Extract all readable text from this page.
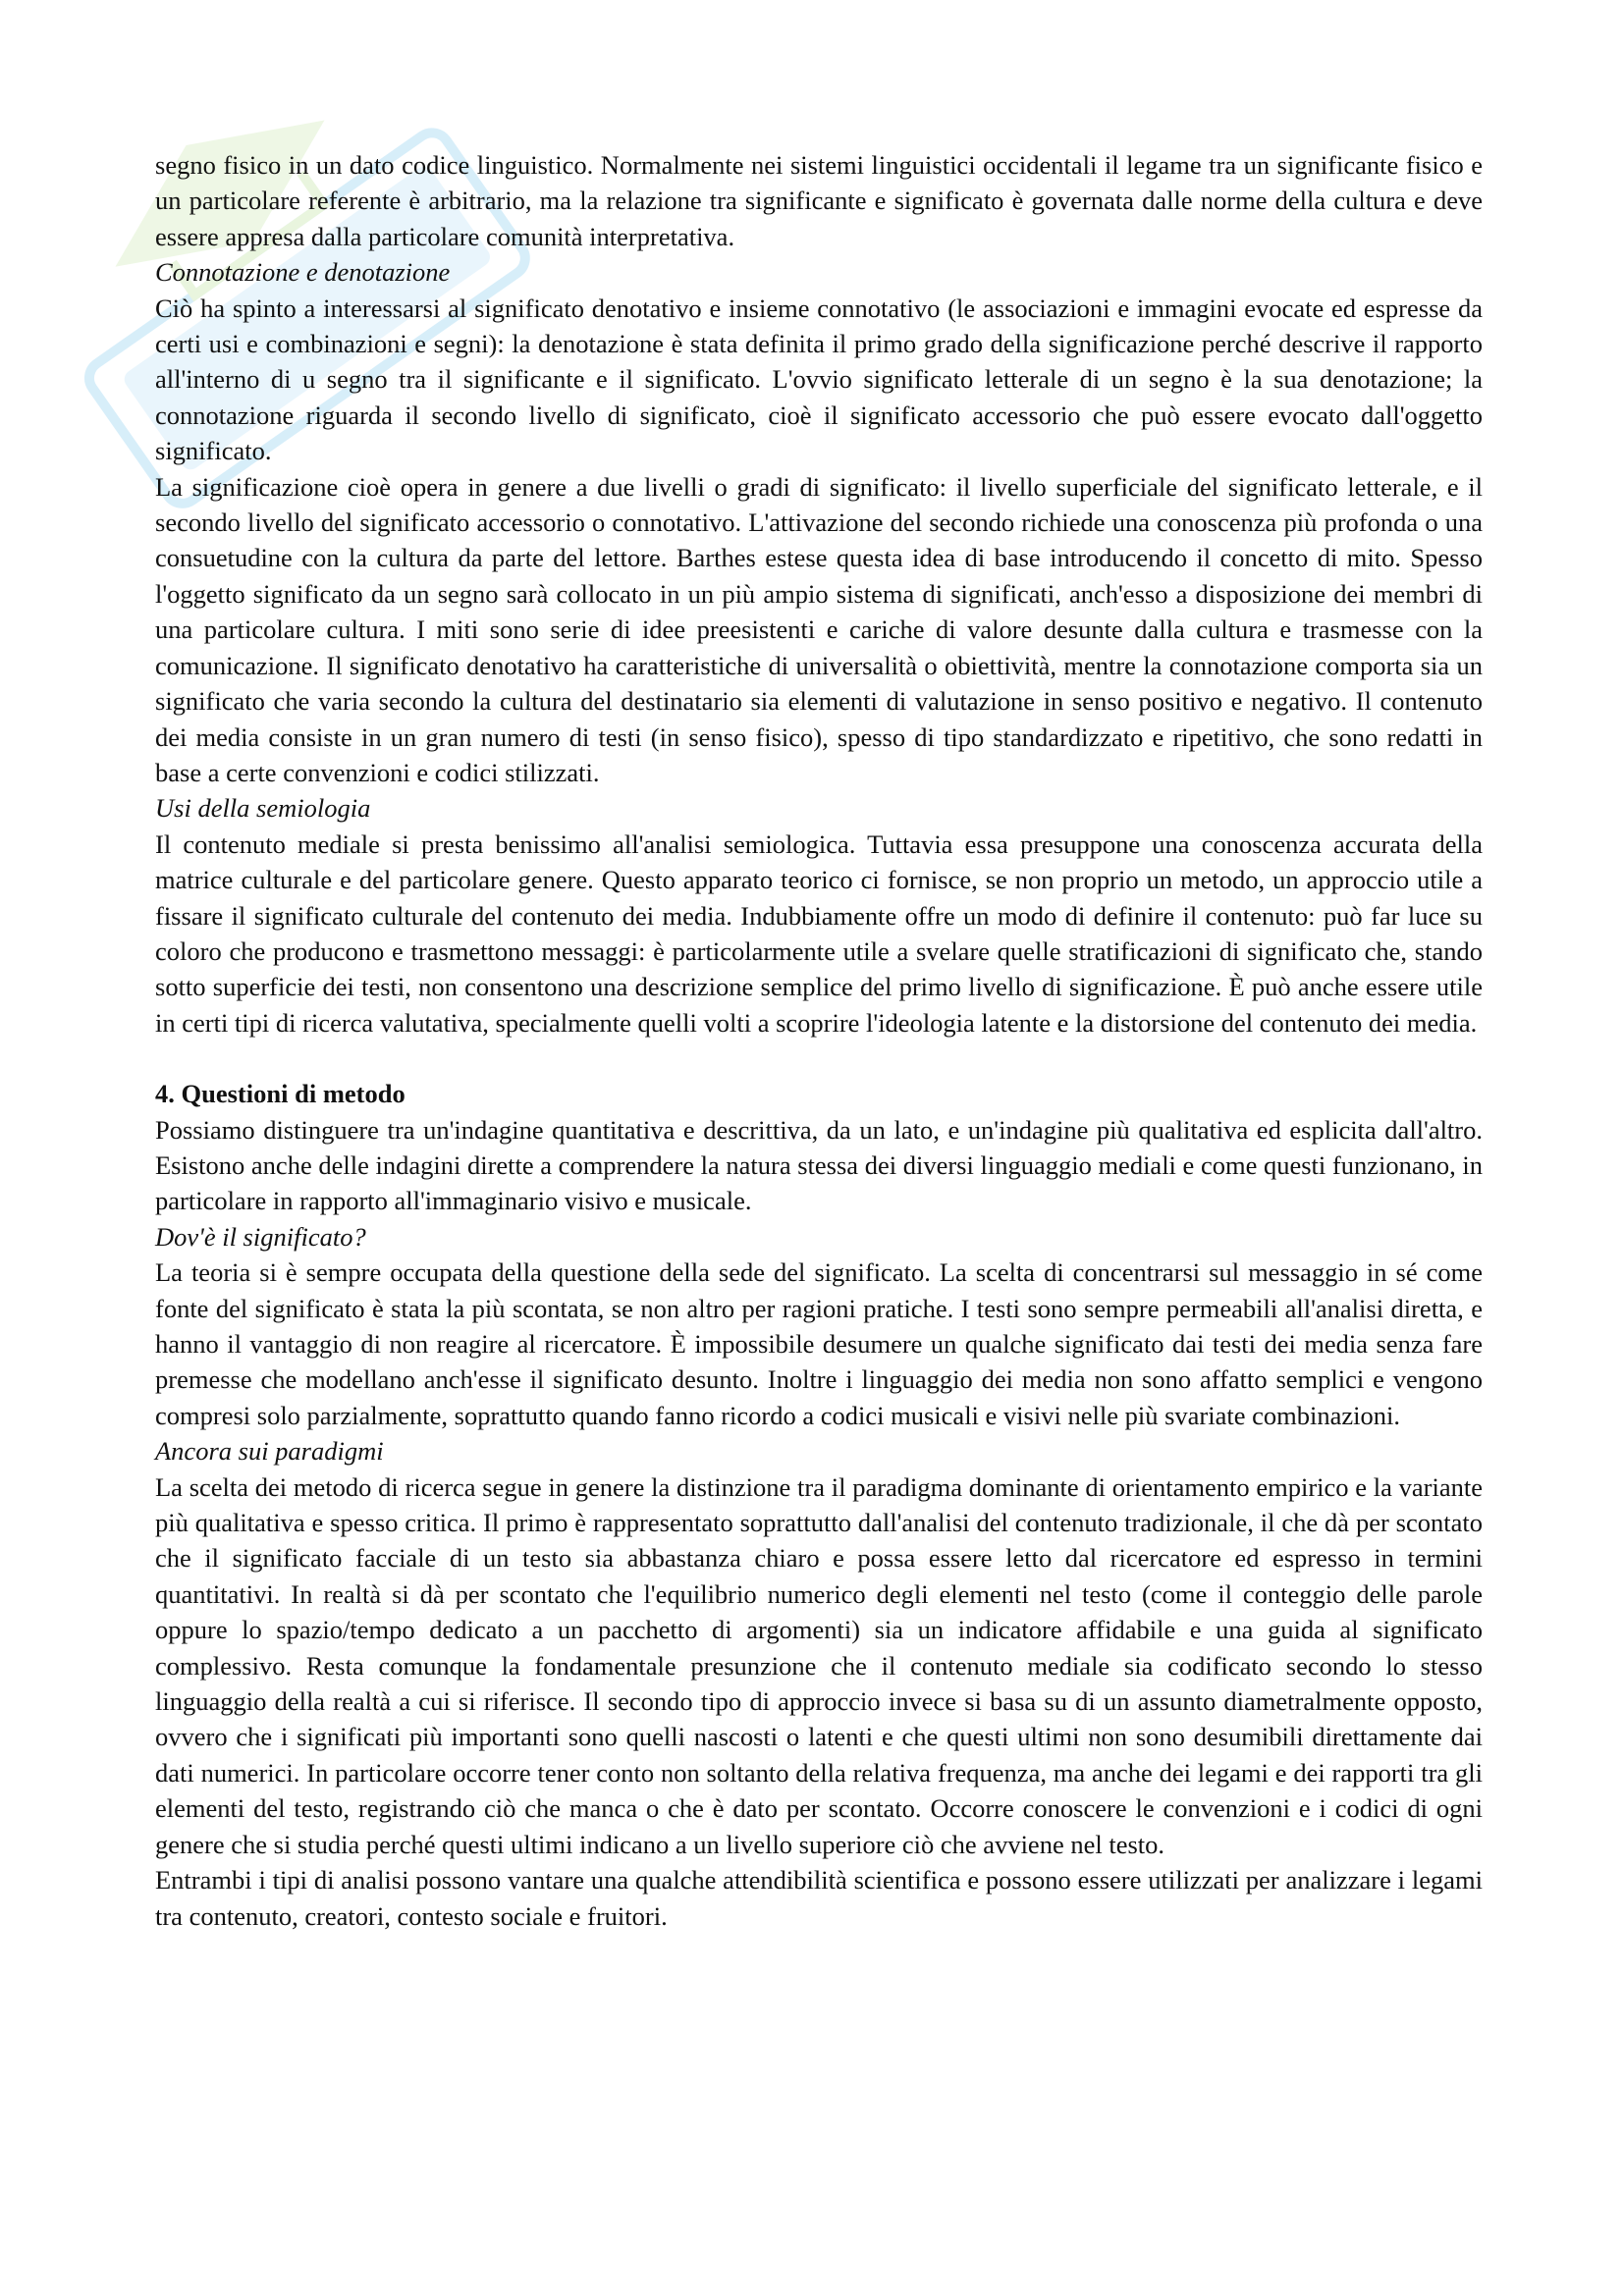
segno fisico in un dato codice linguistico. Normalmente nei sistemi linguistici occidentali il legame tra un significante fisico e un particolare referente è arbitrario, ma la relazione tra significante e significato è governata dalle norme della cultura e deve essere appresa dalla particolare comunità interpretativa.

Connotazione e denotazione

Ciò ha spinto a interessarsi al significato denotativo e insieme connotativo (le associazioni e immagini evocate ed espresse da certi usi e combinazioni e segni): la denotazione è stata definita il primo grado della significazione perché descrive il rapporto all'interno di u segno tra il significante e il significato. L'ovvio significato letterale di un segno è la sua denotazione; la connotazione riguarda il secondo livello di significato, cioè il significato accessorio che può essere evocato dall'oggetto significato.

La significazione cioè opera in genere a due livelli o gradi di significato: il livello superficiale del significato letterale, e il secondo livello del significato accessorio o connotativo. L'attivazione del secondo richiede una conoscenza più profonda o una consuetudine con la cultura da parte del lettore. Barthes estese questa idea di base introducendo il concetto di mito. Spesso l'oggetto significato da un segno sarà collocato in un più ampio sistema di significati, anch'esso a disposizione dei membri di una particolare cultura. I miti sono serie di idee preesistenti e cariche di valore desunte dalla cultura e trasmesse con la comunicazione. Il significato denotativo ha caratteristiche di universalità o obiettività, mentre la connotazione comporta sia un significato che varia secondo la cultura del destinatario sia elementi di valutazione in senso positivo e negativo. Il contenuto dei media consiste in un gran numero di testi (in senso fisico), spesso di tipo standardizzato e ripetitivo, che sono redatti in base a certe convenzioni e codici stilizzati.

Usi della semiologia

Il contenuto mediale si presta benissimo all'analisi semiologica. Tuttavia essa presuppone una conoscenza accurata della matrice culturale e del particolare genere. Questo apparato teorico ci fornisce, se non proprio un metodo, un approccio utile a fissare il significato culturale del contenuto dei media. Indubbiamente offre un modo di definire il contenuto: può far luce su coloro che producono e trasmettono messaggi: è particolarmente utile a svelare quelle stratificazioni di significato che, stando sotto superficie dei testi, non consentono una descrizione semplice del primo livello di significazione. È può anche essere utile in certi tipi di ricerca valutativa, specialmente quelli volti a scoprire l'ideologia latente e la distorsione del contenuto dei media.

4. Questioni di metodo

Possiamo distinguere tra un'indagine quantitativa e descrittiva, da un lato, e un'indagine più qualitativa ed esplicita dall'altro. Esistono anche delle indagini dirette a comprendere la natura stessa dei diversi linguaggio mediali e come questi funzionano, in particolare in rapporto all'immaginario visivo e musicale.

Dov'è il significato?

La teoria si è sempre occupata della questione della sede del significato. La scelta di concentrarsi sul messaggio in sé come fonte del significato è stata la più scontata, se non altro per ragioni pratiche. I testi sono sempre permeabili all'analisi diretta, e hanno il vantaggio di non reagire al ricercatore. È impossibile desumere un qualche significato dai testi dei media senza fare premesse che modellano anch'esse il significato desunto. Inoltre i linguaggio dei media non sono affatto semplici e vengono compresi solo parzialmente, soprattutto quando fanno ricordo a codici musicali e visivi nelle più svariate combinazioni.

Ancora sui paradigmi

La scelta dei metodo di ricerca segue in genere la distinzione tra il paradigma dominante di orientamento empirico e la variante più qualitativa e spesso critica. Il primo è rappresentato soprattutto dall'analisi del contenuto tradizionale, il che dà per scontato che il significato facciale di un testo sia abbastanza chiaro e possa essere letto dal ricercatore ed espresso in termini quantitativi. In realtà si dà per scontato che l'equilibrio numerico degli elementi nel testo (come il conteggio delle parole oppure lo spazio/tempo dedicato a un pacchetto di argomenti) sia un indicatore affidabile e una guida al significato complessivo. Resta comunque la fondamentale presunzione che il contenuto mediale sia codificato secondo lo stesso linguaggio della realtà a cui si riferisce. Il secondo tipo di approccio invece si basa su di un assunto diametralmente opposto, ovvero che i significati più importanti sono quelli nascosti o latenti e che questi ultimi non sono desumibili direttamente dai dati numerici. In particolare occorre tener conto non soltanto della relativa frequenza, ma anche dei legami e dei rapporti tra gli elementi del testo, registrando ciò che manca o che è dato per scontato. Occorre conoscere le convenzioni e i codici di ogni genere che si studia perché questi ultimi indicano a un livello superiore ciò che avviene nel testo.

Entrambi i tipi di analisi possono vantare una qualche attendibilità scientifica e possono essere utilizzati per analizzare i legami tra contenuto, creatori, contesto sociale e fruitori.
